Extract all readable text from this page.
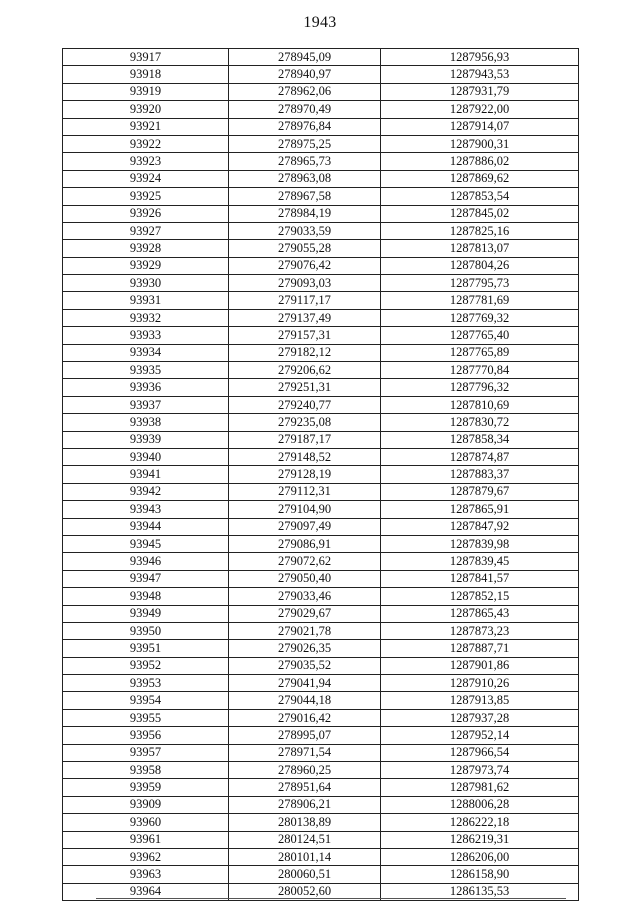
1943
93917	278945,09	1287956,93
93918	278940,97	1287943,53
93919	278962,06	1287931,79
93920	278970,49	1287922,00
93921	278976,84	1287914,07
93922	278975,25	1287900,31
93923	278965,73	1287886,02
93924	278963,08	1287869,62
93925	278967,58	1287853,54
93926	278984,19	1287845,02
93927	279033,59	1287825,16
93928	279055,28	1287813,07
93929	279076,42	1287804,26
93930	279093,03	1287795,73
93931	279117,17	1287781,69
93932	279137,49	1287769,32
93933	279157,31	1287765,40
93934	279182,12	1287765,89
93935	279206,62	1287770,84
93936	279251,31	1287796,32
93937	279240,77	1287810,69
93938	279235,08	1287830,72
93939	279187,17	1287858,34
93940	279148,52	1287874,87
93941	279128,19	1287883,37
93942	279112,31	1287879,67
93943	279104,90	1287865,91
93944	279097,49	1287847,92
93945	279086,91	1287839,98
93946	279072,62	1287839,45
93947	279050,40	1287841,57
93948	279033,46	1287852,15
93949	279029,67	1287865,43
93950	279021,78	1287873,23
93951	279026,35	1287887,71
93952	279035,52	1287901,86
93953	279041,94	1287910,26
93954	279044,18	1287913,85
93955	279016,42	1287937,28
93956	278995,07	1287952,14
93957	278971,54	1287966,54
93958	278960,25	1287973,74
93959	278951,64	1287981,62
93909	278906,21	1288006,28
93960	280138,89	1286222,18
93961	280124,51	1286219,31
93962	280101,14	1286206,00
93963	280060,51	1286158,90
93964	280052,60	1286135,53
